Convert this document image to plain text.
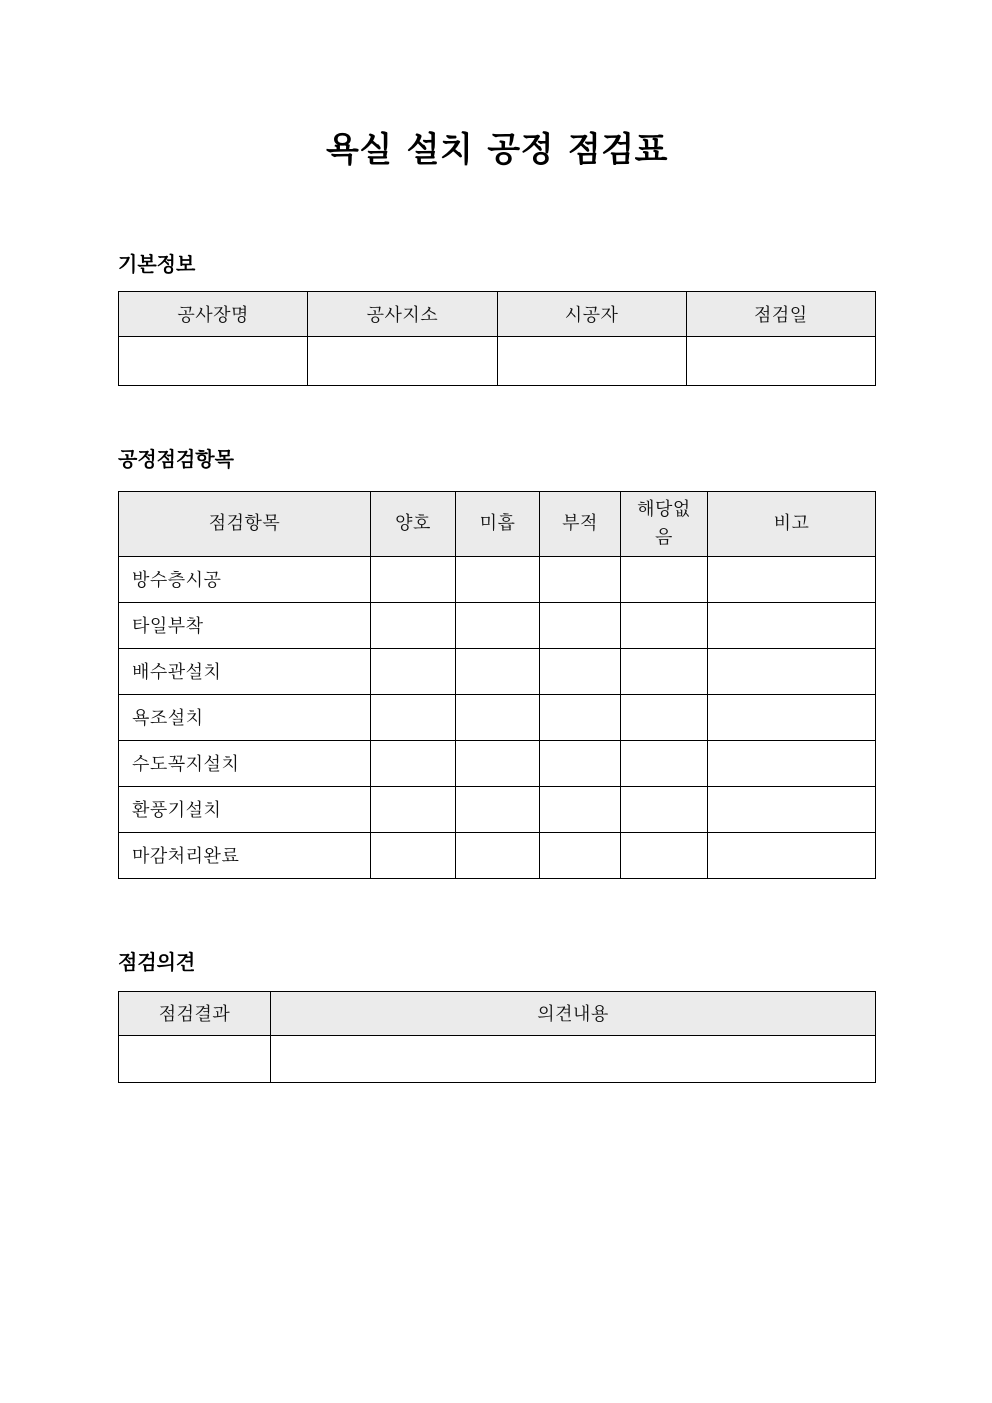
욕실 설치 공정 점검표
기본정보
공사장명	공사지소	시공자	점검일

공정점검항목
점검항목	양호	미흡	부적	해당없음	비고
방수층시공					
타일부착					
배수관설치					
욕조설치					
수도꼭지설치					
환풍기설치					
마감처리완료					
점검의견
점검결과	의견내용
